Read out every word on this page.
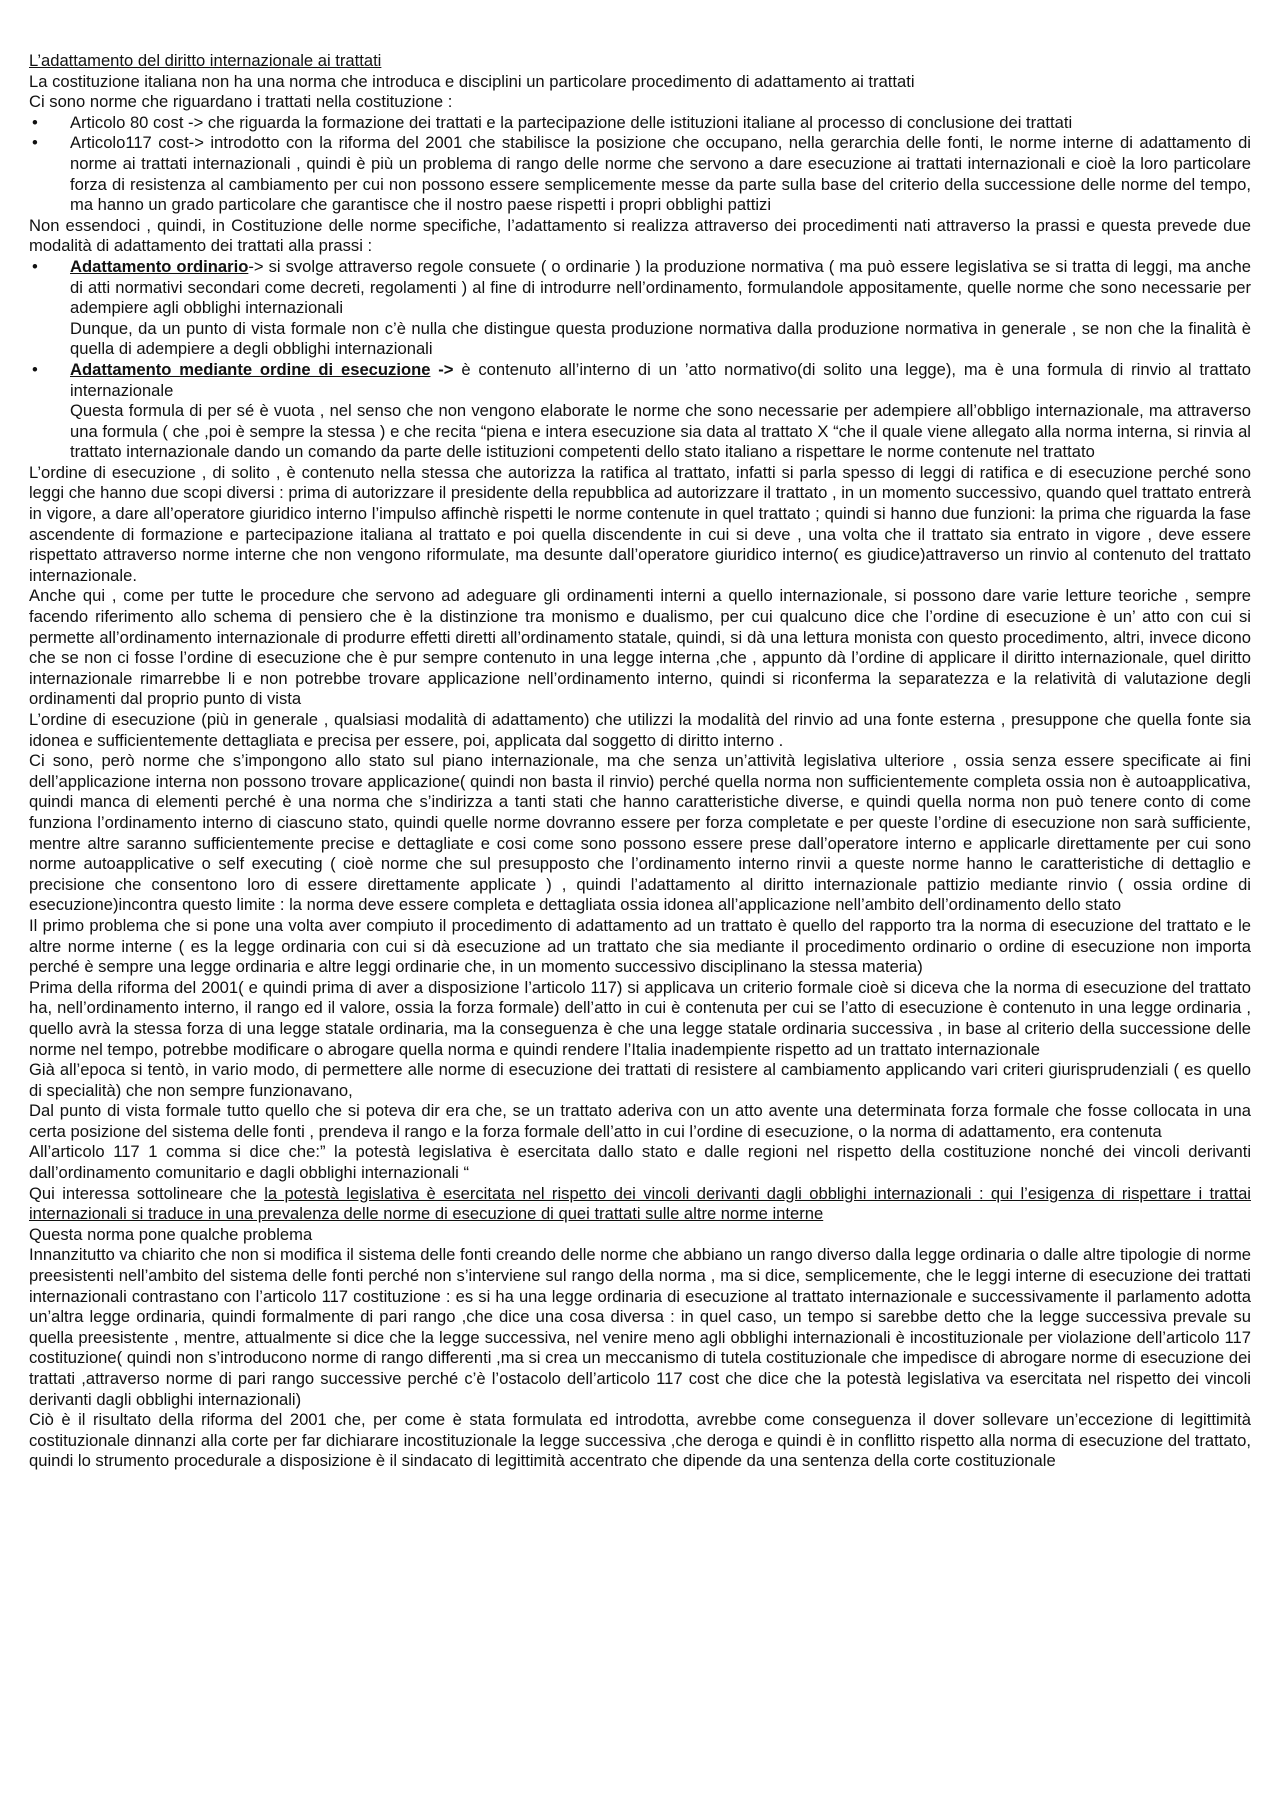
L’adattamento del diritto internazionale ai trattati

La costituzione italiana non ha una norma che introduca e disciplini un particolare procedimento di adattamento ai trattati

Ci sono norme che riguardano i trattati nella costituzione :

• Articolo 80 cost -> che riguarda la formazione dei trattati e la partecipazione delle istituzioni italiane al processo di conclusione dei trattati
• Articolo117 cost-> introdotto con la riforma del 2001 che stabilisce la posizione che occupano, nella gerarchia delle fonti, le norme interne di adattamento di norme ai trattati internazionali , quindi è più un problema di rango delle norme che servono a dare esecuzione ai trattati internazionali e cioè la loro particolare forza di resistenza al cambiamento per cui non possono essere semplicemente messe da parte sulla base del criterio della successione delle norme del tempo, ma hanno un grado particolare che garantisce che il nostro paese rispetti i propri obblighi pattizi

Non essendoci , quindi, in Costituzione delle norme specifiche, l’adattamento si realizza attraverso dei procedimenti nati attraverso la prassi e questa prevede due modalità di adattamento dei trattati alla prassi :

• Adattamento ordinario-> si svolge attraverso regole consuete ( o ordinarie ) la produzione normativa ( ma può essere legislativa se si tratta di leggi, ma anche di atti normativi secondari come decreti, regolamenti ) al fine di introdurre nell’ordinamento, formulandole appositamente, quelle norme che sono necessarie per adempiere agli obblighi internazionali

Dunque, da un punto di vista formale non c’è nulla che distingue questa produzione normativa dalla produzione normativa in generale , se non che la finalità è quella di adempiere a degli obblighi internazionali

• Adattamento mediante ordine di esecuzione -> è contenuto all’interno di un ’atto normativo(di solito una legge), ma è una formula di rinvio al trattato internazionale

Questa formula di per sé è vuota , nel senso che non vengono elaborate le norme che sono necessarie per adempiere all’obbligo internazionale, ma attraverso una formula ( che ,poi è sempre la stessa ) e che recita “piena e intera esecuzione sia data al trattato X “che il quale viene allegato alla norma interna, si rinvia al trattato internazionale dando un comando da parte delle istituzioni competenti dello stato italiano a rispettare le norme contenute nel trattato

L’ordine di esecuzione , di solito , è contenuto nella stessa che autorizza la ratifica al trattato, infatti si parla spesso di leggi di ratifica e di esecuzione perché sono leggi che hanno due scopi diversi : prima di autorizzare il presidente della repubblica ad autorizzare il trattato , in un momento successivo, quando quel trattato entrerà in vigore, a dare all’operatore giuridico interno l’impulso affinchè rispetti le norme contenute in quel trattato ; quindi si hanno due funzioni: la prima che riguarda la fase ascendente di formazione e partecipazione italiana al trattato e poi quella discendente in cui si deve , una volta che il trattato sia entrato in vigore , deve essere rispettato attraverso norme interne che non vengono riformulate, ma desunte dall’operatore giuridico interno( es giudice)attraverso un rinvio al contenuto del trattato internazionale.

Anche qui , come per tutte le procedure che servono ad adeguare gli ordinamenti interni a quello internazionale, si possono dare varie letture teoriche , sempre facendo riferimento allo schema di pensiero che è la distinzione tra monismo e dualismo, per cui qualcuno dice che l’ordine di esecuzione è un’ atto con cui si permette all’ordinamento internazionale di produrre effetti diretti all’ordinamento statale, quindi, si dà una lettura monista con questo procedimento, altri, invece dicono che se non ci fosse l’ordine di esecuzione che è pur sempre contenuto in una legge interna ,che , appunto dà l’ordine di applicare il diritto internazionale, quel diritto internazionale rimarrebbe li e non potrebbe trovare applicazione nell’ordinamento interno, quindi si riconferma la separatezza e la relatività di valutazione degli ordinamenti dal proprio punto di vista

L’ordine di esecuzione (più in generale , qualsiasi modalità di adattamento) che utilizzi la modalità del rinvio ad una fonte esterna , presuppone che quella fonte sia idonea e sufficientemente dettagliata e precisa per essere, poi, applicata dal soggetto di diritto interno .

Ci sono, però norme che s’impongono allo stato sul piano internazionale, ma che senza un’attività legislativa ulteriore , ossia senza essere specificate ai fini dell’applicazione interna non possono trovare applicazione( quindi non basta il rinvio) perché quella norma non sufficientemente completa ossia non è autoapplicativa, quindi manca di elementi perché è una norma che s’indirizza a tanti stati che hanno caratteristiche diverse, e quindi quella norma non può tenere conto di come funziona l’ordinamento interno di ciascuno stato, quindi quelle norme dovranno essere per forza completate e per queste l’ordine di esecuzione non sarà sufficiente, mentre altre saranno sufficientemente precise e dettagliate e cosi come sono possono essere prese dall’operatore interno e applicarle direttamente per cui sono norme autoapplicative o self executing ( cioè norme che sul presupposto che l’ordinamento interno rinvii a queste norme hanno le caratteristiche di dettaglio e precisione che consentono loro di essere direttamente applicate ) , quindi l’adattamento al diritto internazionale pattizio mediante rinvio ( ossia ordine di esecuzione)incontra questo limite : la norma deve essere completa e dettagliata ossia idonea all’applicazione nell’ambito dell’ordinamento dello stato

Il primo problema che si pone una volta aver compiuto il procedimento di adattamento ad un trattato è quello del rapporto tra la norma di esecuzione del trattato e le altre norme interne ( es la legge ordinaria con cui si dà esecuzione ad un trattato che sia mediante il procedimento ordinario o ordine di esecuzione non importa perché è sempre una legge ordinaria e altre leggi ordinarie che, in un momento successivo disciplinano la stessa materia)

Prima della riforma del 2001( e quindi prima di aver a disposizione l’articolo 117) si applicava un criterio formale cioè si diceva che la norma di esecuzione del trattato ha, nell’ordinamento interno, il rango ed il valore, ossia la forza formale) dell’atto in cui è contenuta per cui se l’atto di esecuzione è contenuto in una legge ordinaria , quello avrà la stessa forza di una legge statale ordinaria, ma la conseguenza è che una legge statale ordinaria successiva , in base al criterio della successione delle norme nel tempo, potrebbe modificare o abrogare quella norma e quindi rendere l’Italia inadempiente rispetto ad un trattato internazionale

Già all’epoca si tentò, in vario modo, di permettere alle norme di esecuzione dei trattati di resistere al cambiamento applicando vari criteri giurisprudenziali ( es quello di specialità) che non sempre funzionavano,

Dal punto di vista formale tutto quello che si poteva dir era che, se un trattato aderiva con un atto avente una determinata forza formale che fosse collocata in una certa posizione del sistema delle fonti , prendeva il rango e la forza formale dell’atto in cui l’ordine di esecuzione, o la norma di adattamento, era contenuta

All’articolo 117 1 comma si dice che:” la potestà legislativa è esercitata dallo stato e dalle regioni nel rispetto della costituzione nonché dei vincoli derivanti dall’ordinamento comunitario e dagli obblighi internazionali “

Qui interessa sottolineare che la potestà legislativa è esercitata nel rispetto dei vincoli derivanti dagli obblighi internazionali : qui l’esigenza di rispettare i trattai internazionali si traduce in una prevalenza delle norme di esecuzione di quei trattati sulle altre norme interne

Questa norma pone qualche problema

Innanzitutto va chiarito che non si modifica il sistema delle fonti creando delle norme che abbiano un rango diverso dalla legge ordinaria o dalle altre tipologie di norme preesistenti nell’ambito del sistema delle fonti perché non s’interviene sul rango della norma , ma si dice, semplicemente, che le leggi interne di esecuzione dei trattati internazionali contrastano con l’articolo 117 costituzione : es si ha una legge ordinaria di esecuzione al trattato internazionale e successivamente il parlamento adotta un’altra legge ordinaria, quindi formalmente di pari rango ,che dice una cosa diversa : in quel caso, un tempo si sarebbe detto che la legge successiva prevale su quella preesistente , mentre, attualmente si dice che la legge successiva, nel venire meno agli obblighi internazionali è incostituzionale per violazione dell’articolo 117 costituzione( quindi non s’introducono norme di rango differenti ,ma si crea un meccanismo di tutela costituzionale che impedisce di abrogare norme di esecuzione dei trattati ,attraverso norme di pari rango successive perché c’è l’ostacolo dell’articolo 117 cost che dice che la potestà legislativa va esercitata nel rispetto dei vincoli derivanti dagli obblighi internazionali)

Ciò è il risultato della riforma del 2001 che, per come è stata formulata ed introdotta, avrebbe come conseguenza il dover sollevare un’eccezione di legittimità costituzionale dinnanzi alla corte per far dichiarare incostituzionale la legge successiva ,che deroga e quindi è in conflitto rispetto alla norma di esecuzione del trattato, quindi lo strumento procedurale a disposizione è il sindacato di legittimità accentrato che dipende da una sentenza della corte costituzionale
